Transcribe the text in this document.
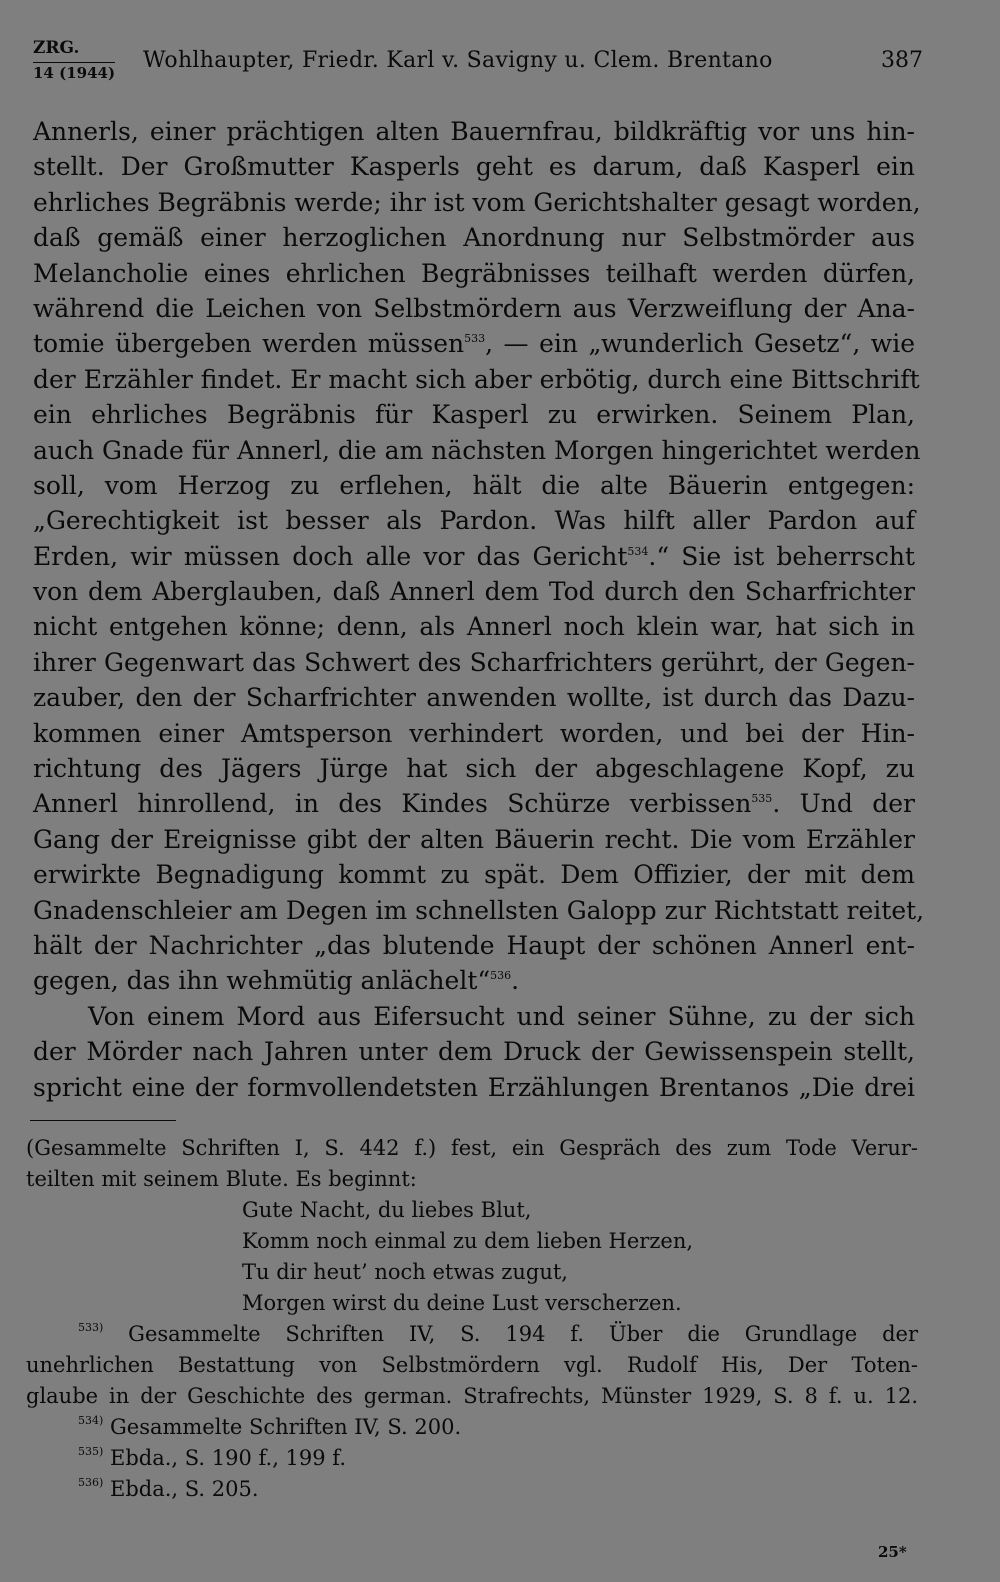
ZRG.
14 (1944) Wohlhaupter, Friedr. Karl v. Savigny u. Clem. Brentano	387
Annerls, einer prächtigen alten Bauernfrau, bildkräftig vor uns hin-
stellt. Der Großmutter Kasperls geht es darum, daß Kasperl ein
ehrliches Begräbnis werde; ihr ist vom Gerichtshalter gesagt worden,
daß gemäß einer herzoglichen Anordnung nur Selbstmörder aus
Melancholie eines ehrlichen Begräbnisses teilhaft werden dürfen,
während die Leichen von Selbstmördern aus Verzweiflung der Ana-
tomie übergeben werden müssen$^{533}$, — ein „wunderlich Gesetz“, wie
der Erzähler findet. Er macht sich aber erbötig, durch eine Bittschrift
ein ehrliches Begräbnis für Kasperl zu erwirken. Seinem Plan,
auch Gnade für Annerl, die am nächsten Morgen hingerichtet werden
soll, vom Herzog zu erflehen, hält die alte Bäuerin entgegen:
„Gerechtigkeit ist besser als Pardon. Was hilft aller Pardon auf
Erden, wir müssen doch alle vor das Gericht$^{534}$.“ Sie ist beherrscht
von dem Aberglauben, daß Annerl dem Tod durch den Scharfrichter
nicht entgehen könne; denn, als Annerl noch klein war, hat sich in
ihrer Gegenwart das Schwert des Scharfrichters gerührt, der Gegen-
zauber, den der Scharfrichter anwenden wollte, ist durch das Dazu-
kommen einer Amtsperson verhindert worden, und bei der Hin-
richtung des Jägers Jürge hat sich der abgeschlagene Kopf, zu
Annerl hinrollend, in des Kindes Schürze verbissen$^{535}$. Und der
Gang der Ereignisse gibt der alten Bäuerin recht. Die vom Erzähler
erwirkte Begnadigung kommt zu spät. Dem Offizier, der mit dem
Gnadenschleier am Degen im schnellsten Galopp zur Richtstatt reitet,
hält der Nachrichter „das blutende Haupt der schönen Annerl ent-
gegen, das ihn wehmütig anlächelt“$^{536}$.
Von einem Mord aus Eifersucht und seiner Sühne, zu der sich
der Mörder nach Jahren unter dem Druck der Gewissenspein stellt,
spricht eine der formvollendetsten Erzählungen Brentanos „Die drei
(Gesammelte Schriften I, S. 442 f.) fest, ein Gespräch des zum Tode Verur-
teilten mit seinem Blute. Es beginnt:
Gute Nacht, du liebes Blut,
Komm noch einmal zu dem lieben Herzen,
Tu dir heut’ noch etwas zugut,
Morgen wirst du deine Lust verscherzen.
$^{533)}$ Gesammelte Schriften IV, S. 194 f. Über die Grundlage der
unehrlichen Bestattung von Selbstmördern vgl. Rudolf His, Der Toten-
glaube in der Geschichte des german. Strafrechts, Münster 1929, S. 8 f. u. 12.
$^{534)}$ Gesammelte Schriften IV, S. 200.
$^{535)}$ Ebda., S. 190 f., 199 f.
$^{536)}$ Ebda., S. 205.
25*
